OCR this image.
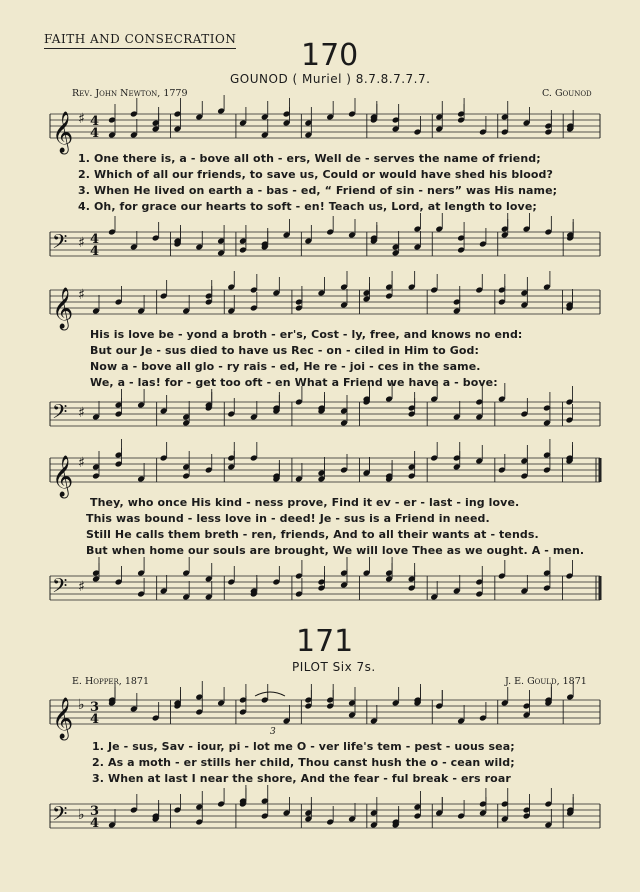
FAITH AND CONSECRATION 170
GOUNOD ( Muriel ) 8.7.8.7.7.7.
Rev. John Newton, 1779	C. Gounod
𝄞 ♯ 4
4
1. One there is, a - bove all oth - ers, Well de - serves the name of friend;
2. Which of all our friends, to save us, Could or would have shed his blood?
3. When He lived on earth a - bas - ed, “ Friend of sin - ners” was His name;
4. Oh, for grace our hearts to soft - en! Teach us, Lord, at length to love;
𝄢 ♯ 4
4
𝄞 ♯
His is love be - yond a broth - er's, Cost - ly, free, and knows no end:
But our Je - sus died to have us Rec - on - ciled in Him to God:
Now a - bove all glo - ry rais - ed, He re - joi - ces in the same.
We, a - las! for - get too oft - en What a Friend we have a - bove:
𝄢 ♯
𝄞 ♯
They, who once His kind - ness prove, Find it ev - er - last - ing love.
This was bound - less love in - deed! Je - sus is a Friend in need.
Still He calls them breth - ren, friends, And to all their wants at - tends.
But when home our souls are brought, We will love Thee as we ought. A - men.
𝄢 ♯
171
PILOT Six 7s.
E. Hopper, 1871	J. E. Gould, 1871
𝄞 ♭ 3
4
3
1. Je - sus, Sav - iour, pi - lot me O - ver life's tem - pest - uous sea;
2. As a moth - er stills her child, Thou canst hush the o - cean wild;
3. When at last I near the shore, And the fear - ful break - ers roar
𝄢 ♭ 3
4
